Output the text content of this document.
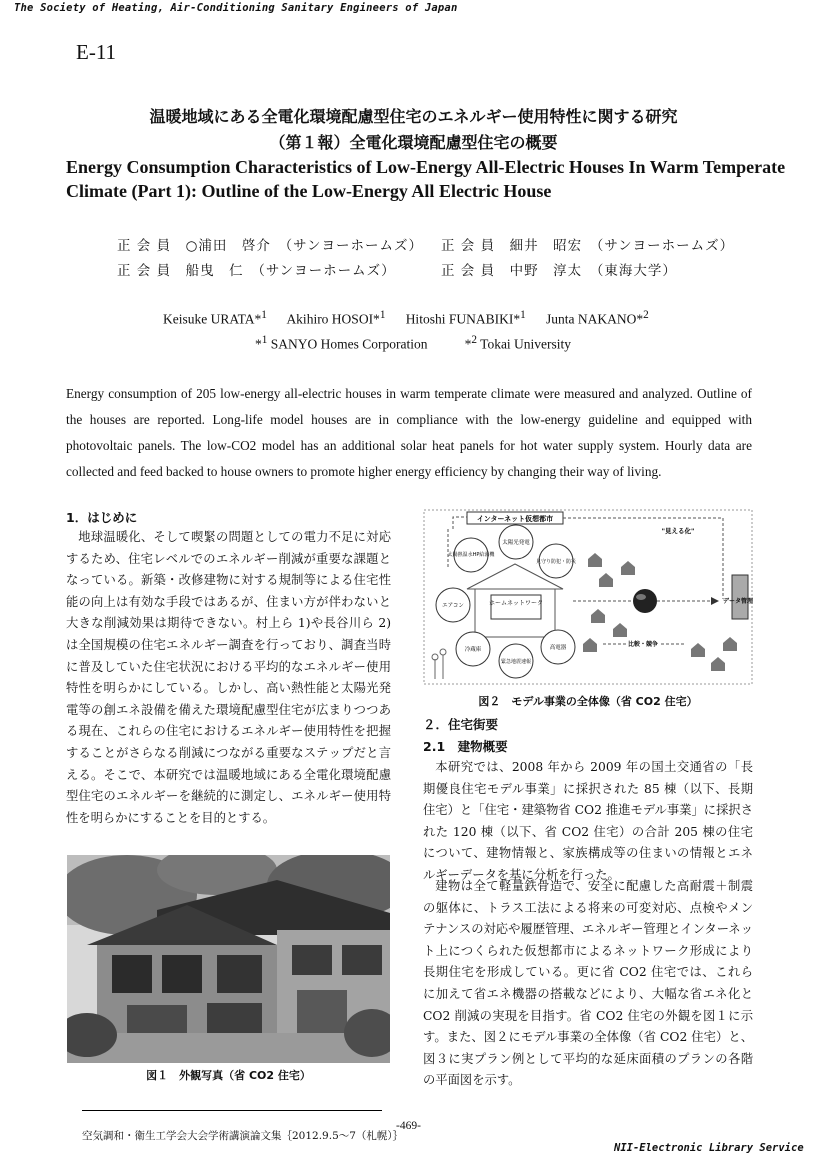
The Society of Heating, Air-Conditioning Sanitary Engineers of Japan
E-11
温暖地域にある全電化環境配慮型住宅のエネルギー使用特性に関する研究
（第１報）全電化環境配慮型住宅の概要
Energy Consumption Characteristics of Low-Energy All-Electric Houses In Warm Temperate
Climate (Part 1): Outline of the Low-Energy All Electric House
正 会 員　 ○浦田　啓介　 （サンヨーホームズ） 正 会 員　 細井　昭宏　 （サンヨーホームズ）
正 会 員　 船曳　仁　 （サンヨーホームズ）	正 会 員　 中野　淳太　 （東海大学）
Keisuke URATA*$^1$ Akihiro HOSOI*$^1$ Hitoshi FUNABIKI*$^1$ Junta NAKANO*$^2$
*$^1$ SANYO Homes Corporation	*$^2$ Tokai University
Energy consumption of 205 low-energy all-electric houses in warm temperate climate were measured and analyzed. Outline of the houses are reported. Long-life model houses are in compliance with the low-energy guideline and equipped with photovoltaic panels. The low-CO2 model has an additional solar heat panels for hot water supply system. Hourly data are collected and feed backed to house owners to promote higher energy efficiency by changing their way of living.
1．はじめに
地球温暖化、そして喫緊の問題としての電力不足に対応するため、住宅レベルでのエネルギー削減が重要な課題となっている。新築・改修建物に対する規制等による住宅性能の向上は有効な手段ではあるが、住まい方が伴わないと大きな削減効果は期待できない。村上ら 1)や長谷川ら 2)は全国規模の住宅エネルギー調査を行っており、調査当時に普及していた住宅状況における平均的なエネルギー使用特性を明らかにしている。しかし、高い熱性能と太陽光発電等の創エネ設備を備えた環境配慮型住宅が広まりつつある現在、これらの住宅におけるエネルギー使用特性を把握することがさらなる削減につながる重要なステップだと言える。そこで、本研究では温暖地域にある全電化環境配慮型住宅のエネルギーを継続的に測定し、エネルギー使用特性を明らかにすることを目的とする。
図１　外観写真（省 CO2 住宅）
インターネット仮想都市
"見える化"
ホームネットワーク
太陽熱温水HP給湯機
太陽光発電
見守り防犯・防災
エアコン
冷蔵庫
緊急地震速報
高電器
データ管理
比較・競争
図２　モデル事業の全体像（省 CO2 住宅）
２．住宅街要
2.1　建物概要
本研究では、2008 年から 2009 年の国土交通省の「長期優良住宅モデル事業」に採択された 85 棟（以下、長期住宅）と「住宅・建築物省 CO2 推進モデル事業」に採択された 120 棟（以下、省 CO2 住宅）の合計 205 棟の住宅について、建物情報と、家族構成等の住まいの情報とエネルギーデータを基に分析を行った。
建物は全て軽量鉄骨造で、安全に配慮した高耐震＋制震の躯体に、トラス工法による将来の可変対応、点検やメンテナンスの対応や履歴管理、エネルギー管理とインターネット上につくられた仮想都市によるネットワーク形成により長期住宅を形成している。更に省 CO2 住宅では、これらに加えて省エネ機器の搭載などにより、大幅な省エネ化と CO2 削減の実現を目指す。省 CO2 住宅の外観を図１に示す。また、図２にモデル事業の全体像（省 CO2 住宅）と、図３に実プラン例として平均的な延床面積のプランの各階の平面図を示す。
空気調和・衛生工学会大会学術講演論文集｛2012.9.5～7（札幌）｝
-469-
NII-Electronic Library Service
